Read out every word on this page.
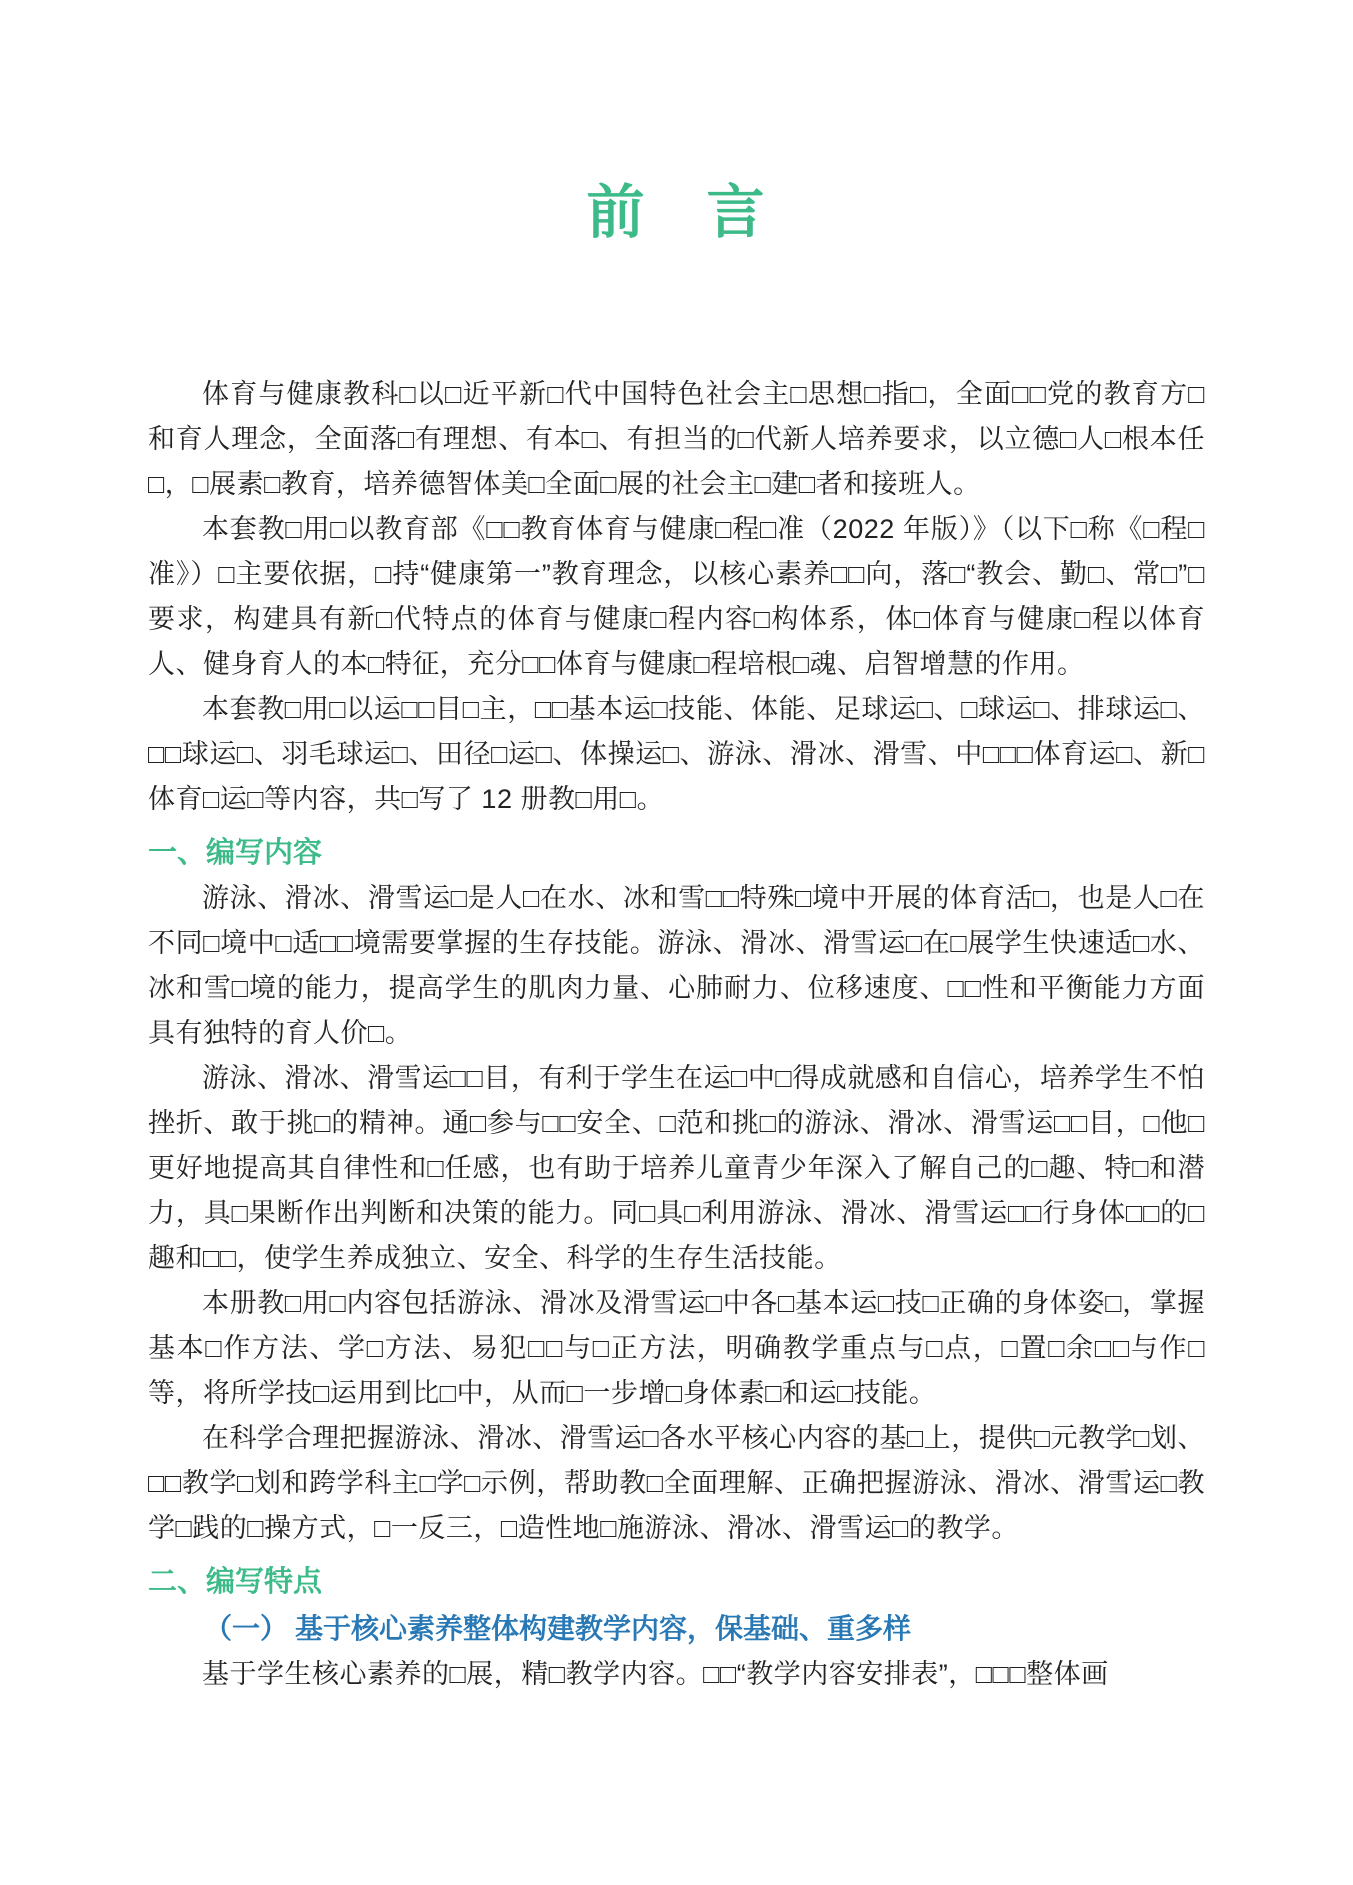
前　言

体育与健康教科□以□近平新□代中国特色社会主□思想□指□，全面□□党的教育方□和育人理念，全面落□有理想、有本□、有担当的□代新人培养要求，以立德□人□根本任□，□展素□教育，培养德智体美□全面□展的社会主□建□者和接班人。

本套教□用□以教育部《□□教育体育与健康□程□准（2022 年版）》（以下□称《□程□准》）□主要依据，□持“健康第一”教育理念，以核心素养□□向，落□“教会、勤□、常□”□要求，构建具有新□代特点的体育与健康□程内容□构体系，体□体育与健康□程以体育人、健身育人的本□特征，充分□□体育与健康□程培根□魂、启智增慧的作用。

本套教□用□以运□□目□主，□□基本运□技能、体能、足球运□、□球运□、排球运□、□□球运□、羽毛球运□、田径□运□、体操运□、游泳、滑冰、滑雪、中□□□体育运□、新□体育□运□等内容，共□写了 12 册教□用□。

一、编写内容

游泳、滑冰、滑雪运□是人□在水、冰和雪□□特殊□境中开展的体育活□，也是人□在不同□境中□适□□境需要掌握的生存技能。游泳、滑冰、滑雪运□在□展学生快速适□水、冰和雪□境的能力，提高学生的肌肉力量、心肺耐力、位移速度、□□性和平衡能力方面具有独特的育人价□。

游泳、滑冰、滑雪运□□目，有利于学生在运□中□得成就感和自信心，培养学生不怕挫折、敢于挑□的精神。通□参与□□安全、□范和挑□的游泳、滑冰、滑雪运□□目，□他□更好地提高其自律性和□任感，也有助于培养儿童青少年深入了解自己的□趣、特□和潜力，具□果断作出判断和决策的能力。同□具□利用游泳、滑冰、滑雪运□□行身体□□的□趣和□□，使学生养成独立、安全、科学的生存生活技能。

本册教□用□内容包括游泳、滑冰及滑雪运□中各□基本运□技□正确的身体姿□，掌握基本□作方法、学□方法、易犯□□与□正方法，明确教学重点与□点，□置□余□□与作□等，将所学技□运用到比□中，从而□一步增□身体素□和运□技能。

在科学合理把握游泳、滑冰、滑雪运□各水平核心内容的基□上，提供□元教学□划、□□教学□划和跨学科主□学□示例，帮助教□全面理解、正确把握游泳、滑冰、滑雪运□教学□践的□操方式，□一反三，□造性地□施游泳、滑冰、滑雪运□的教学。

二、编写特点
（一） 基于核心素养整体构建教学内容，保基础、重多样

基于学生核心素养的□展，精□教学内容。□□“教学内容安排表”，□□□整体画
